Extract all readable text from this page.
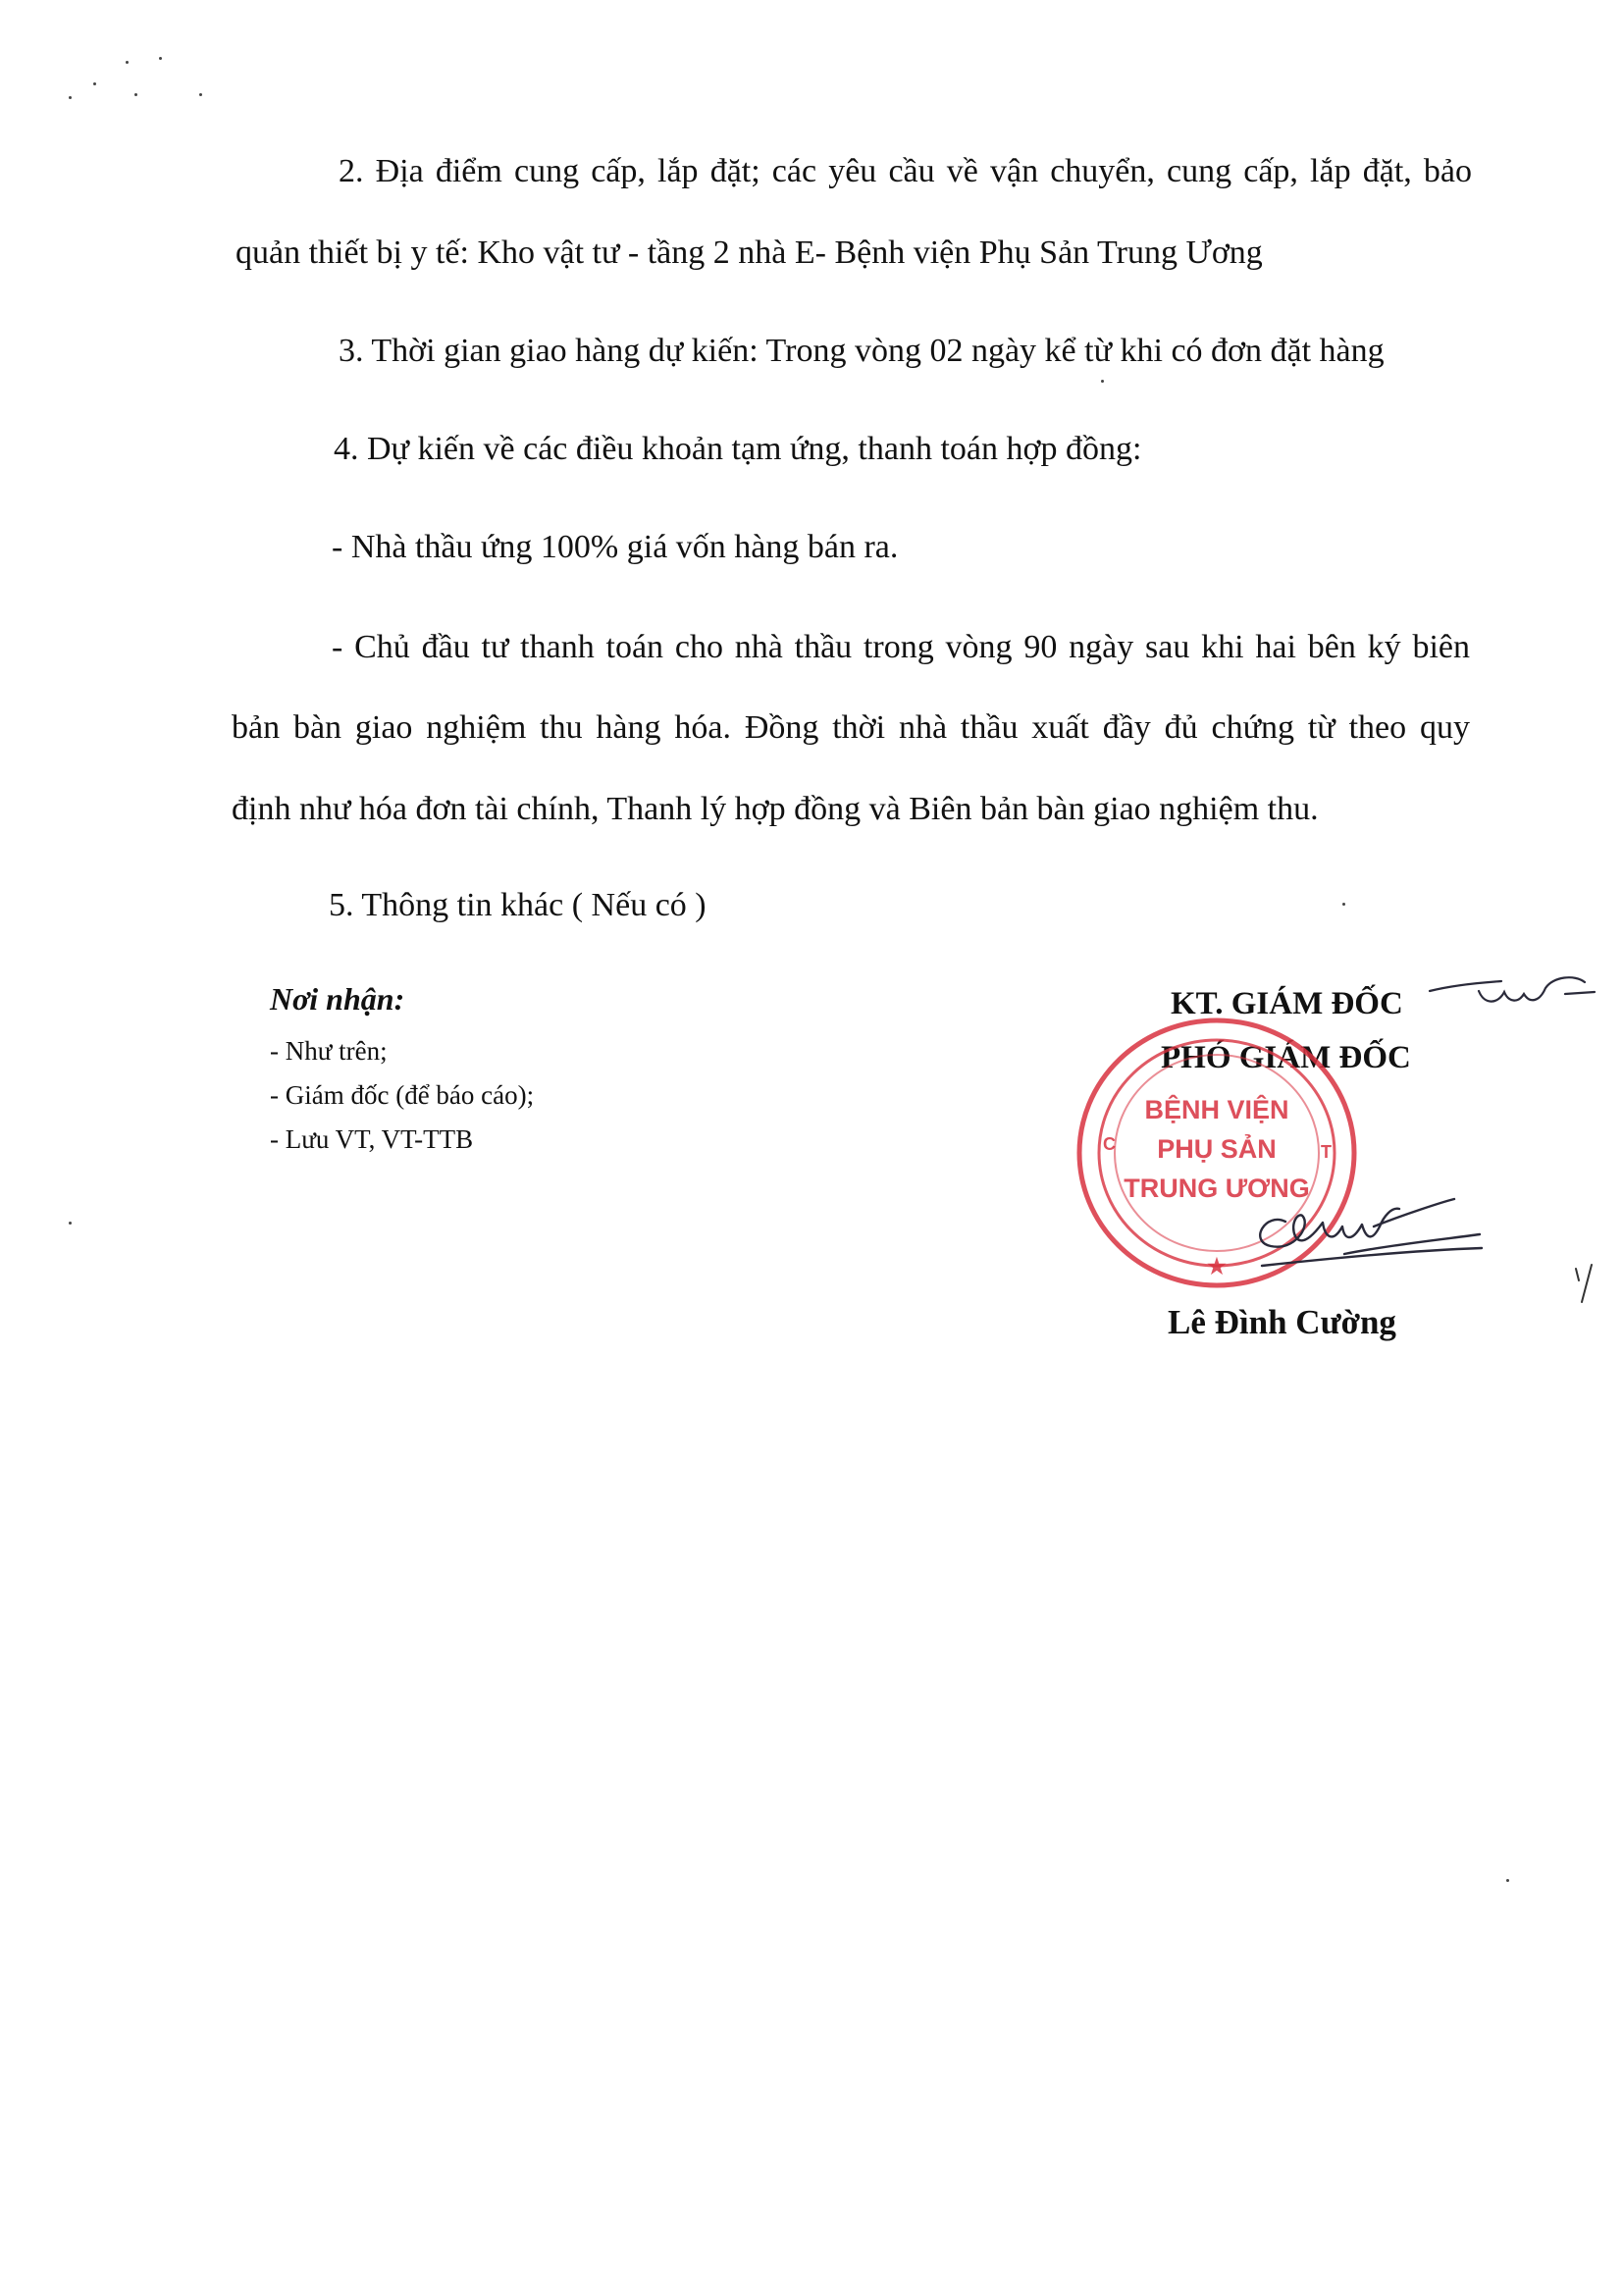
2. Địa điểm cung cấp, lắp đặt; các yêu cầu về vận chuyển, cung cấp, lắp đặt, bảo
quản thiết bị y tế: Kho vật tư - tầng 2 nhà E- Bệnh viện Phụ Sản Trung Ương
3. Thời gian giao hàng dự kiến: Trong vòng 02 ngày kể từ khi có đơn đặt hàng
4. Dự kiến về các điều khoản tạm ứng, thanh toán hợp đồng:
- Nhà thầu ứng 100% giá vốn hàng bán ra.
- Chủ đầu tư thanh toán cho nhà thầu trong vòng 90 ngày sau khi hai bên ký biên
bản bàn giao nghiệm thu hàng hóa. Đồng thời nhà thầu xuất đầy đủ chứng từ theo quy
định như hóa đơn tài chính, Thanh lý hợp đồng và Biên bản bàn giao nghiệm thu.
5. Thông tin khác ( Nếu có )
Nơi nhận:
- Như trên;
- Giám đốc (để báo cáo);
- Lưu VT, VT-TTB
KT. GIÁM ĐỐC
PHÓ GIÁM ĐỐC
BỆNH VIỆN
PHỤ SẢN
TRUNG ƯƠNG
C	T
★
Lê Đình Cường
